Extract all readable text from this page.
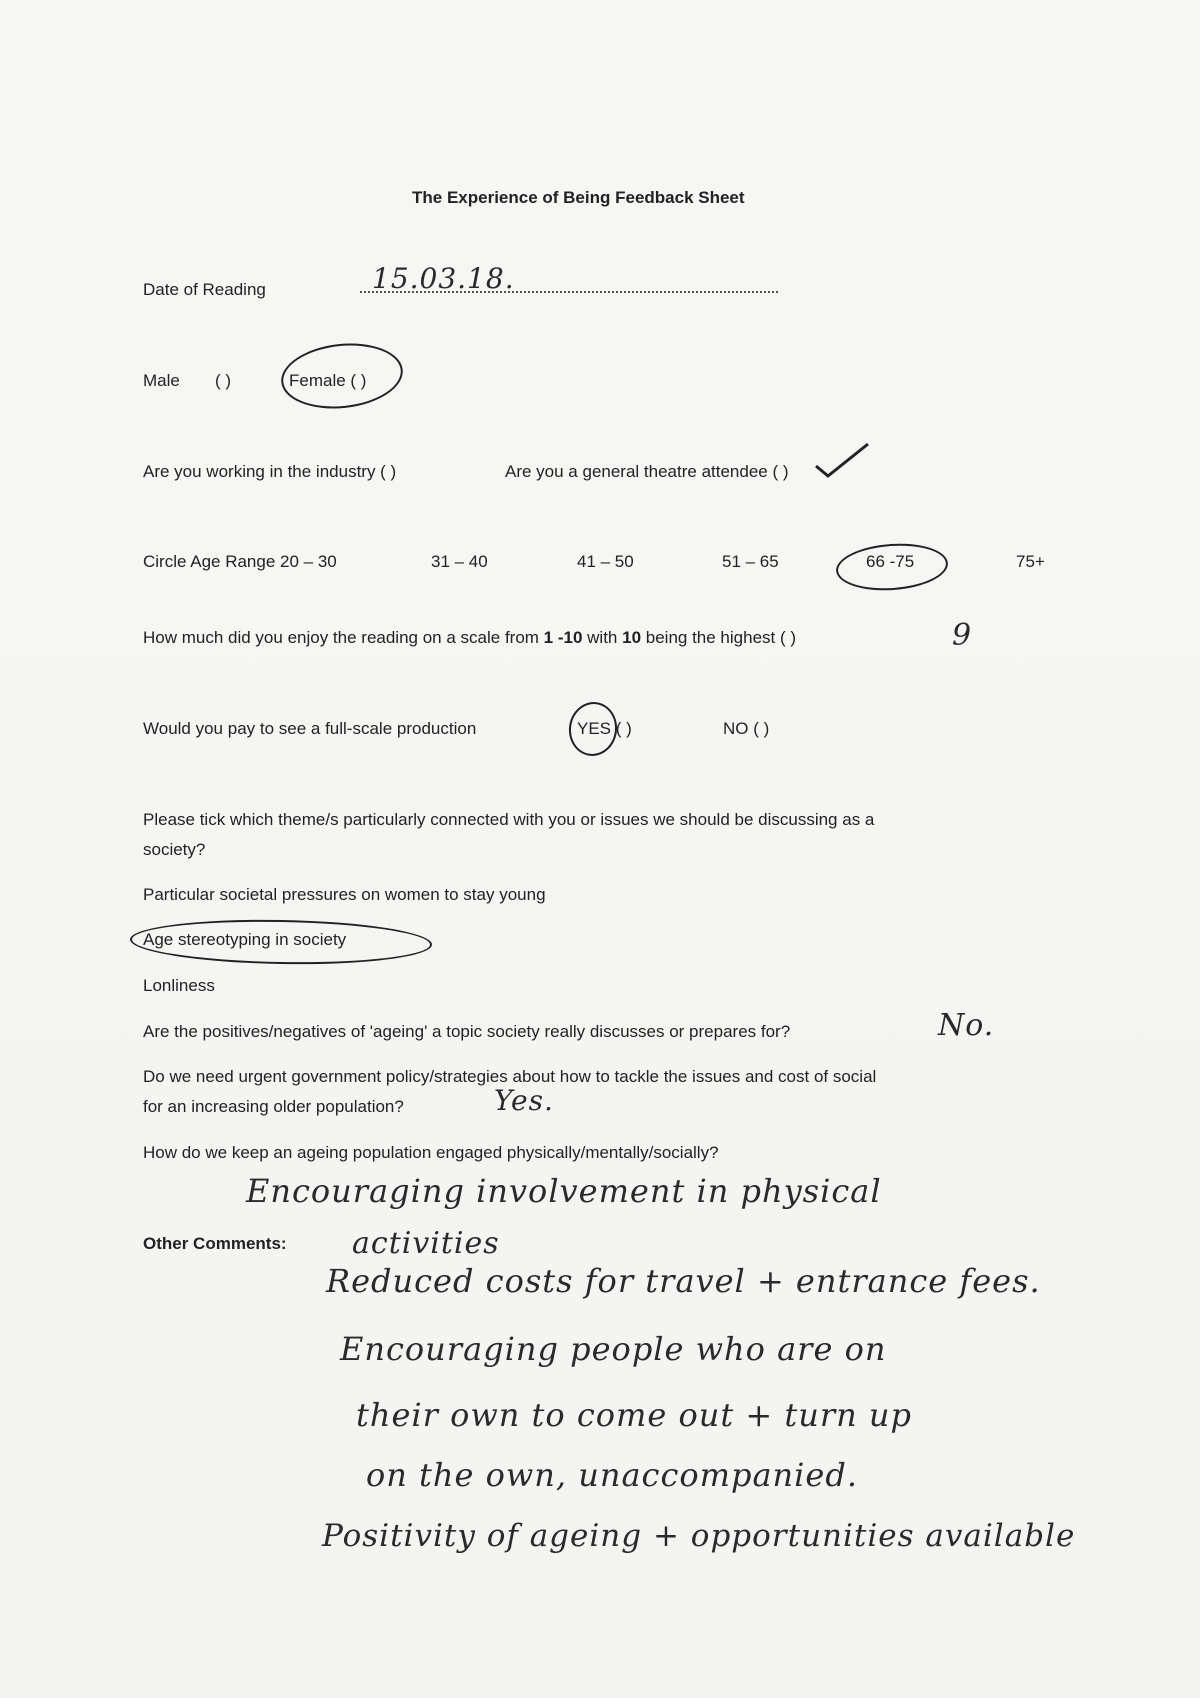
The Experience of Being Feedback Sheet
Date of Reading	15.03.18.
Male ( )	Female ( )
Are you working in the industry ( )	Are you a general theatre attendee ( )
Circle Age Range 20 – 30	31 – 40	41 – 50	51 – 65	66 -75	75+
How much did you enjoy the reading on a scale from 1 -10 with 10 being the highest ( )	9
Would you pay to see a full-scale production	YES ( )	NO ( )
Please tick which theme/s particularly connected with you or issues we should be discussing as a
society?
Particular societal pressures on women to stay young
Age stereotyping in society
Lonliness
Are the positives/negatives of 'ageing' a topic society really discusses or prepares for?	No.
Do we need urgent government policy/strategies about how to tackle the issues and cost of social
for an increasing older population?	Yes.
How do we keep an ageing population engaged physically/mentally/socially?
Other Comments:
Encouraging involvement in physical
activities
Reduced costs for travel + entrance fees.
Encouraging people who are on
their own to come out + turn up
on the own, unaccompanied.
Positivity of ageing + opportunities available
